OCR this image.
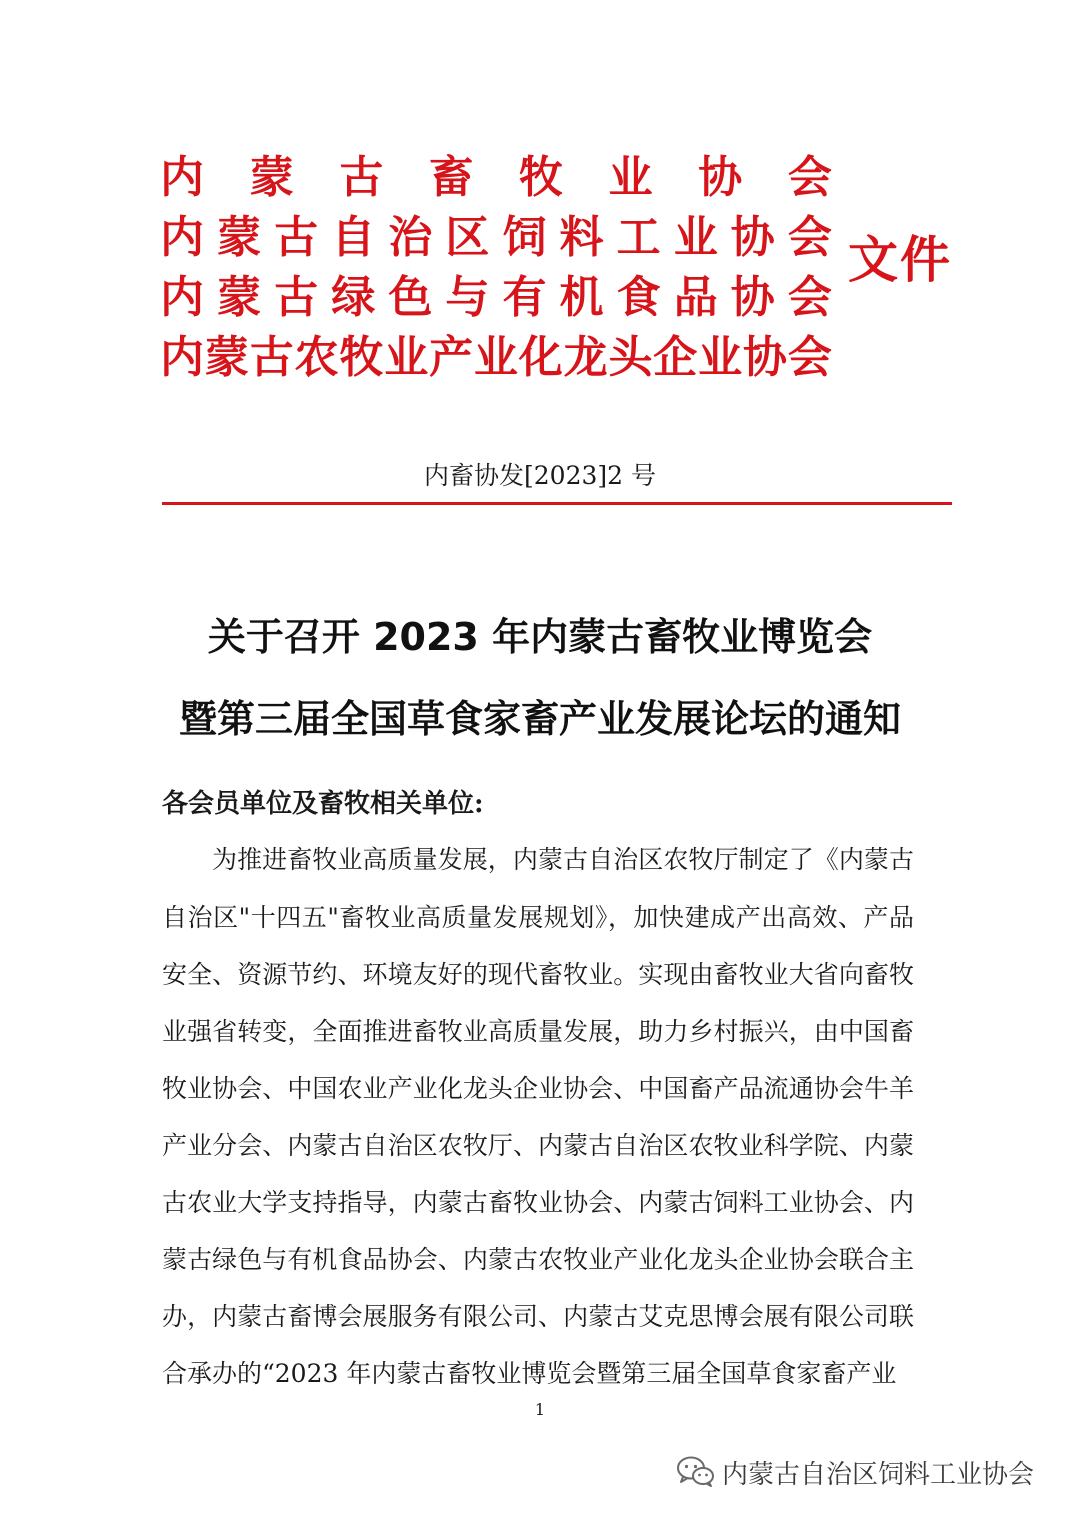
内 蒙 古 畜 牧 业 协 会
内 蒙 古 自 治 区 饲 料 工 业 协 会
内 蒙 古 绿 色 与 有 机 食 品 协 会
内 蒙 古 农 牧 业 产 业 化 龙 头 企 业 协 会
文件
内畜协发[2023]2 号
关于召开 2023 年内蒙古畜牧业博览会
暨第三届全国草食家畜产业发展论坛的通知
各会员单位及畜牧相关单位:
为推进畜牧业高质量发展，内蒙古自治区农牧厅制定了《内蒙古
自治区"十四五"畜牧业高质量发展规划》，加快建成产出高效、产品
安全、资源节约、环境友好的现代畜牧业。实现由畜牧业大省向畜牧
业强省转变，全面推进畜牧业高质量发展，助力乡村振兴，由中国畜
牧业协会、中国农业产业化龙头企业协会、中国畜产品流通协会牛羊
产业分会、内蒙古自治区农牧厅、内蒙古自治区农牧业科学院、内蒙
古农业大学支持指导，内蒙古畜牧业协会、内蒙古饲料工业协会、内
蒙古绿色与有机食品协会、内蒙古农牧业产业化龙头企业协会联合主
办，内蒙古畜博会展服务有限公司、内蒙古艾克思博会展有限公司联
合承办的“2023 年内蒙古畜牧业博览会暨第三届全国草食家畜产业
1
内蒙古自治区饲料工业协会
